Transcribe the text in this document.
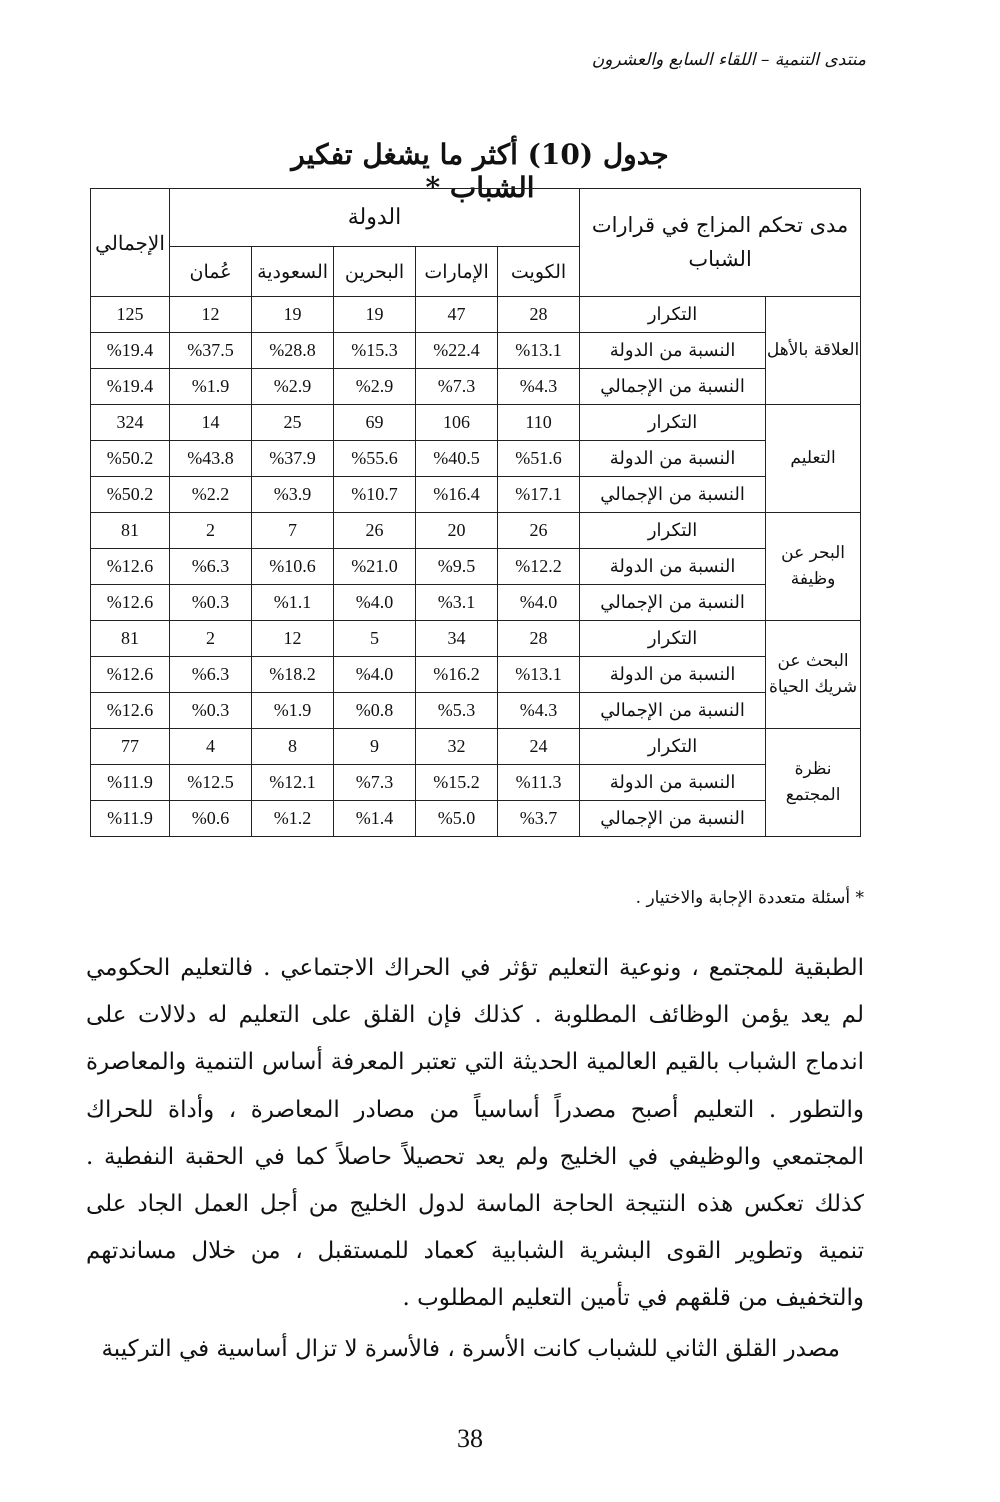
منتدى التنمية – اللقاء السابع والعشرون
جدول (10) أكثر ما يشغل تفكير الشباب *
مدى تحكم المزاج في قرارات الشباب		الدولة					الإجمالي
		الكويت	الإمارات	البحرين	السعودية	عُمان	
العلاقة بالأهل	التكرار	28	47	19	19	12	125
	النسبة من الدولة	%13.1	%22.4	%15.3	%28.8	%37.5	%19.4
	النسبة من الإجمالي	%4.3	%7.3	%2.9	%2.9	%1.9	%19.4
التعليم	التكرار	110	106	69	25	14	324
	النسبة من الدولة	%51.6	%40.5	%55.6	%37.9	%43.8	%50.2
	النسبة من الإجمالي	%17.1	%16.4	%10.7	%3.9	%2.2	%50.2
البحر عن وظيفة	التكرار	26	20	26	7	2	81
	النسبة من الدولة	%12.2	%9.5	%21.0	%10.6	%6.3	%12.6
	النسبة من الإجمالي	%4.0	%3.1	%4.0	%1.1	%0.3	%12.6
البحث عن شريك الحياة	التكرار	28	34	5	12	2	81
	النسبة من الدولة	%13.1	%16.2	%4.0	%18.2	%6.3	%12.6
	النسبة من الإجمالي	%4.3	%5.3	%0.8	%1.9	%0.3	%12.6
نظرة المجتمع	التكرار	24	32	9	8	4	77
	النسبة من الدولة	%11.3	%15.2	%7.3	%12.1	%12.5	%11.9
	النسبة من الإجمالي	%3.7	%5.0	%1.4	%1.2	%0.6	%11.9
* أسئلة متعددة الإجابة والاختيار .
الطبقية للمجتمع ، ونوعية التعليم تؤثر في الحراك الاجتماعي . فالتعليم الحكومي لم يعد يؤمن الوظائف المطلوبة . كذلك فإن القلق على التعليم له دلالات على اندماج الشباب بالقيم العالمية الحديثة التي تعتبر المعرفة أساس التنمية والمعاصرة والتطور . التعليم أصبح مصدراً أساسياً من مصادر المعاصرة ، وأداة للحراك المجتمعي والوظيفي في الخليج ولم يعد تحصيلاً حاصلاً كما في الحقبة النفطية . كذلك تعكس هذه النتيجة الحاجة الماسة لدول الخليج من أجل العمل الجاد على تنمية وتطوير القوى البشرية الشبابية كعماد للمستقبل ، من خلال مساندتهم والتخفيف من قلقهم في تأمين التعليم المطلوب .
مصدر القلق الثاني للشباب كانت الأسرة ، فالأسرة لا تزال أساسية في التركيبة
38
